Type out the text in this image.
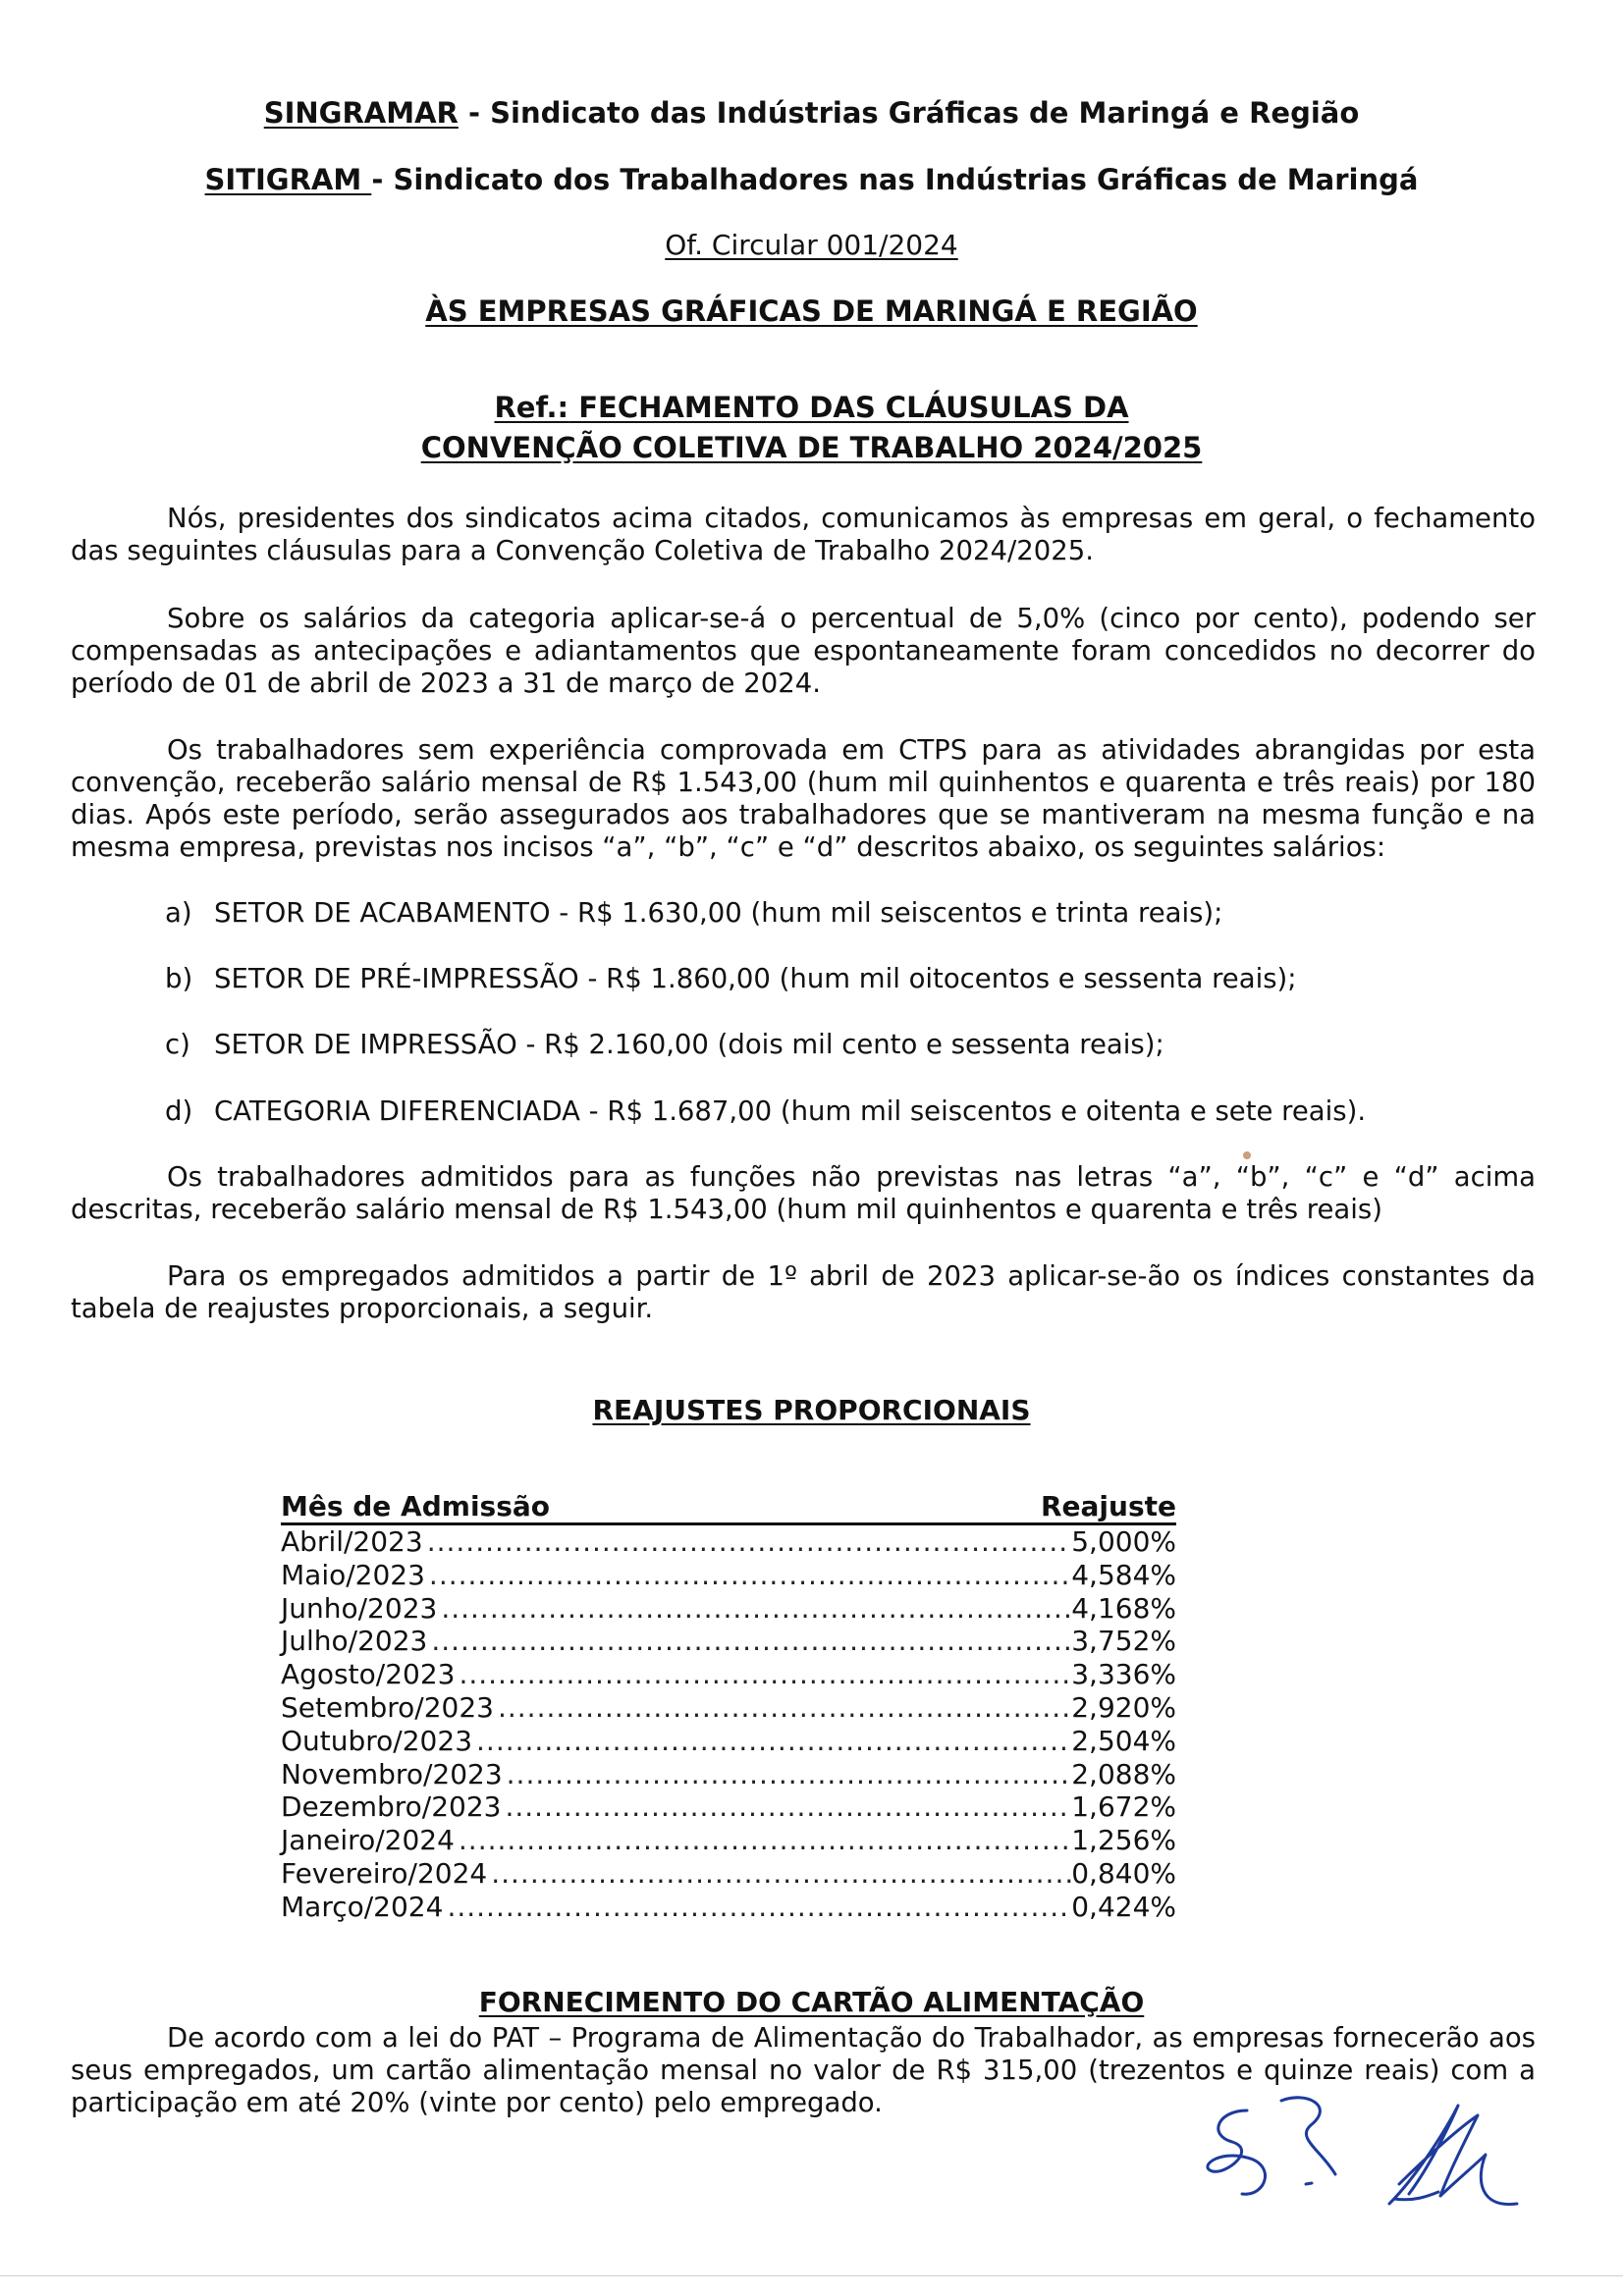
SINGRAMAR - Sindicato das Indústrias Gráficas de Maringá e Região
SITIGRAM - Sindicato dos Trabalhadores nas Indústrias Gráficas de Maringá
Of. Circular 001/2024
ÀS EMPRESAS GRÁFICAS DE MARINGÁ E REGIÃO
Ref.: FECHAMENTO DAS CLÁUSULAS DA
CONVENÇÃO COLETIVA DE TRABALHO 2024/2025
Nós, presidentes dos sindicatos acima citados, comunicamos às empresas em geral, o fechamento das seguintes cláusulas para a Convenção Coletiva de Trabalho 2024/2025.
Sobre os salários da categoria aplicar-se-á o percentual de 5,0% (cinco por cento), podendo ser compensadas as antecipações e adiantamentos que espontaneamente foram concedidos no decorrer do período de 01 de abril de 2023 a 31 de março de 2024.
Os trabalhadores sem experiência comprovada em CTPS para as atividades abrangidas por esta convenção, receberão salário mensal de R$ 1.543,00 (hum mil quinhentos e quarenta e três reais) por 180 dias. Após este período, serão assegurados aos trabalhadores que se mantiveram na mesma função e na mesma empresa, previstas nos incisos “a”, “b”, “c” e “d” descritos abaixo, os seguintes salários:
a) SETOR DE ACABAMENTO - R$ 1.630,00 (hum mil seiscentos e trinta reais);
b) SETOR DE PRÉ-IMPRESSÃO - R$ 1.860,00 (hum mil oitocentos e sessenta reais);
c) SETOR DE IMPRESSÃO - R$ 2.160,00 (dois mil cento e sessenta reais);
d) CATEGORIA DIFERENCIADA - R$ 1.687,00 (hum mil seiscentos e oitenta e sete reais).
Os trabalhadores admitidos para as funções não previstas nas letras “a”, “b”, “c” e “d” acima descritas, receberão salário mensal de R$ 1.543,00 (hum mil quinhentos e quarenta e três reais)
Para os empregados admitidos a partir de 1º abril de 2023 aplicar-se-ão os índices constantes da tabela de reajustes proporcionais, a seguir.
REAJUSTES PROPORCIONAIS
Mês de Admissão	Reajuste
Abril/2023 .....	5,000%
Maio/2023 .....	4,584%
Junho/2023 .....	4,168%
Julho/2023 .....	3,752%
Agosto/2023 .....	3,336%
Setembro/2023 .....	2,920%
Outubro/2023 .....	2,504%
Novembro/2023 .....	2,088%
Dezembro/2023 .....	1,672%
Janeiro/2024 .....	1,256%
Fevereiro/2024 .....	0,840%
Março/2024 .....	0,424%
FORNECIMENTO DO CARTÃO ALIMENTAÇÃO
De acordo com a lei do PAT – Programa de Alimentação do Trabalhador, as empresas fornecerão aos seus empregados, um cartão alimentação mensal no valor de R$ 315,00 (trezentos e quinze reais) com a participação em até 20% (vinte por cento) pelo empregado.
